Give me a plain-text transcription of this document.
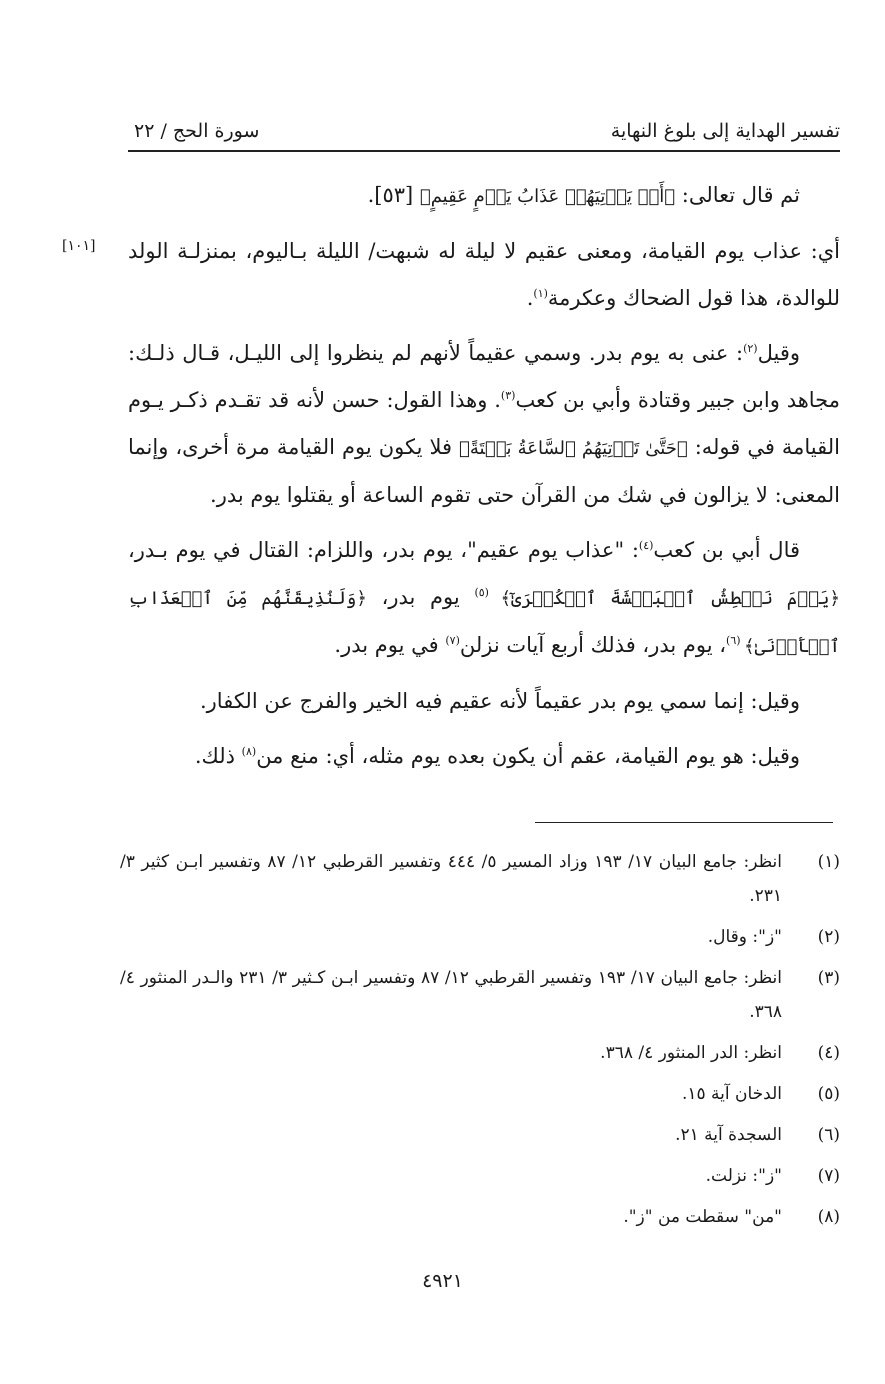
تفسير الهداية إلى بلوغ النهاية
سورة الحج / ٢٢
[١٠١]

ثم قال تعالى: ﴿أَوۡ يَأۡتِيَهُمۡ عَذَابُ يَوۡمٍ عَقِيمٍ﴾ [٥٣].

أي: عذاب يوم القيامة، ومعنى عقيم لا ليلة له شبهت/ الليلة بـاليوم، بمنزلـة الولد للوالدة، هذا قول الضحاك وعكرمة$^{(١)}$.

وقيل$^{(٢)}$: عنى به يوم بدر. وسمي عقيماً لأنهم لم ينظروا إلى الليـل، قـال ذلـك: مجاهد وابن جبير وقتادة وأبي بن كعب$^{(٣)}$. وهذا القول: حسن لأنه قد تقـدم ذكـر يـوم القيامة في قوله: ﴿حَتَّىٰ تَأۡتِيَهُمُ ٱلسَّاعَةُ بَغۡتَةً﴾ فلا يكون يوم القيامة مرة أخرى، وإنما المعنى: لا يزالون في شك من القرآن حتى تقوم الساعة أو يقتلوا يوم بدر.

قال أبي بن كعب$^{(٤)}$: "عذاب يوم عقيم"، يوم بدر، واللزام: القتال في يوم بـدر، ﴿يَوۡمَ نَبۡطِشُ ٱلۡبَطۡشَةَ ٱلۡكُبۡرَىٰٓ﴾ $^{(٥)}$ يوم بدر، ﴿وَلَنُذِيقَنَّهُم مِّنَ ٱلۡعَذَابِ ٱلۡأَدۡنَىٰ﴾ $^{(٦)}$، يوم بدر، فذلك أربع آيات نزلن$^{(٧)}$ في يوم بدر.

وقيل: إنما سمي يوم بدر عقيماً لأنه عقيم فيه الخير والفرج عن الكفار.

وقيل: هو يوم القيامة، عقم أن يكون بعده يوم مثله، أي: منع من$^{(٨)}$ ذلك.

(١)
انظر: جامع البيان ١٧/ ١٩٣ وزاد المسير ٥/ ٤٤٤ وتفسير القرطبي ١٢/ ٨٧ وتفسير ابـن كثير ٣/ ٢٣١.
(٢)
"ز": وقال.
(٣)
انظر: جامع البيان ١٧/ ١٩٣ وتفسير القرطبي ١٢/ ٨٧ وتفسير ابـن كـثير ٣/ ٢٣١ والـدر المنثور ٤/ ٣٦٨.
(٤)
انظر: الدر المنثور ٤/ ٣٦٨.
(٥)
الدخان آية ١٥.
(٦)
السجدة آية ٢١.
(٧)
"ز": نزلت.
(٨)
"من" سقطت من "ز".
٤٩٢١
